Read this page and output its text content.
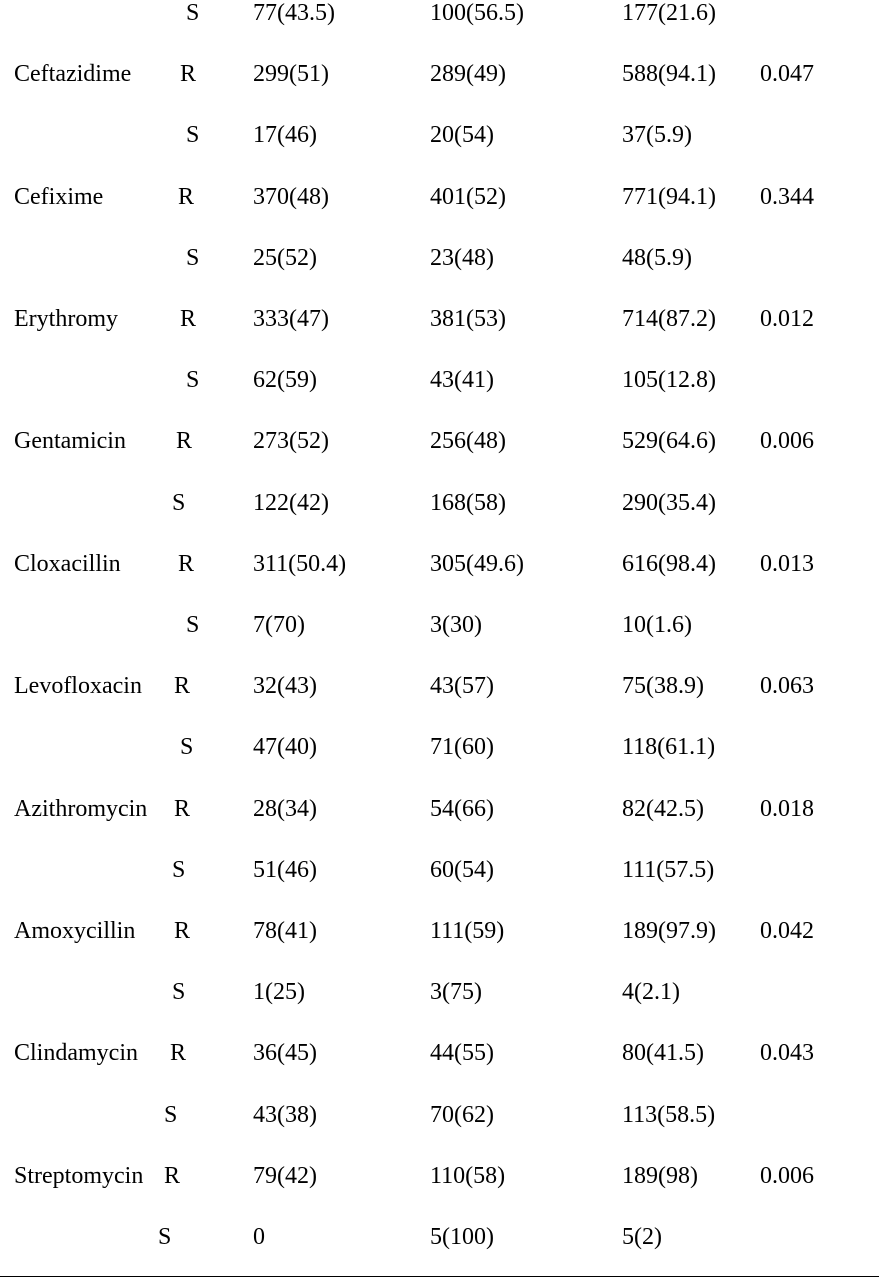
S 77(43.5)	100(56.5)	177(21.6)
Ceftazidime R 299(51)	289(49)	588(94.1) 0.047
S 17(46)	20(54)	37(5.9)
Cefixime	R 370(48)	401(52)	771(94.1) 0.344
S 25(52)	23(48)	48(5.9)
Erythromy	R 333(47)	381(53)	714(87.2) 0.012
S 62(59)	43(41)	105(12.8)
Gentamicin R	273(52)	256(48)	529(64.6) 0.006
S	122(42)	168(58)	290(35.4)
Cloxacillin R 311(50.4)	305(49.6)	616(98.4) 0.013
S 7(70)	3(30)	10(1.6)
Levofloxacin R	32(43)	43(57)	75(38.9) 0.063
S 47(40)	71(60)	118(61.1)
Azithromycin R	28(34)	54(66)	82(42.5) 0.018
S	51(46)	60(54)	111(57.5)
Amoxycillin R	78(41)	111(59)	189(97.9) 0.042
S	1(25)	3(75)	4(2.1)
Clindamycin R	36(45)	44(55)	80(41.5) 0.043
S	43(38)	70(62)	113(58.5)
Streptomycin R	79(42)	110(58)	189(98)	0.006
S	0	5(100)	5(2)
